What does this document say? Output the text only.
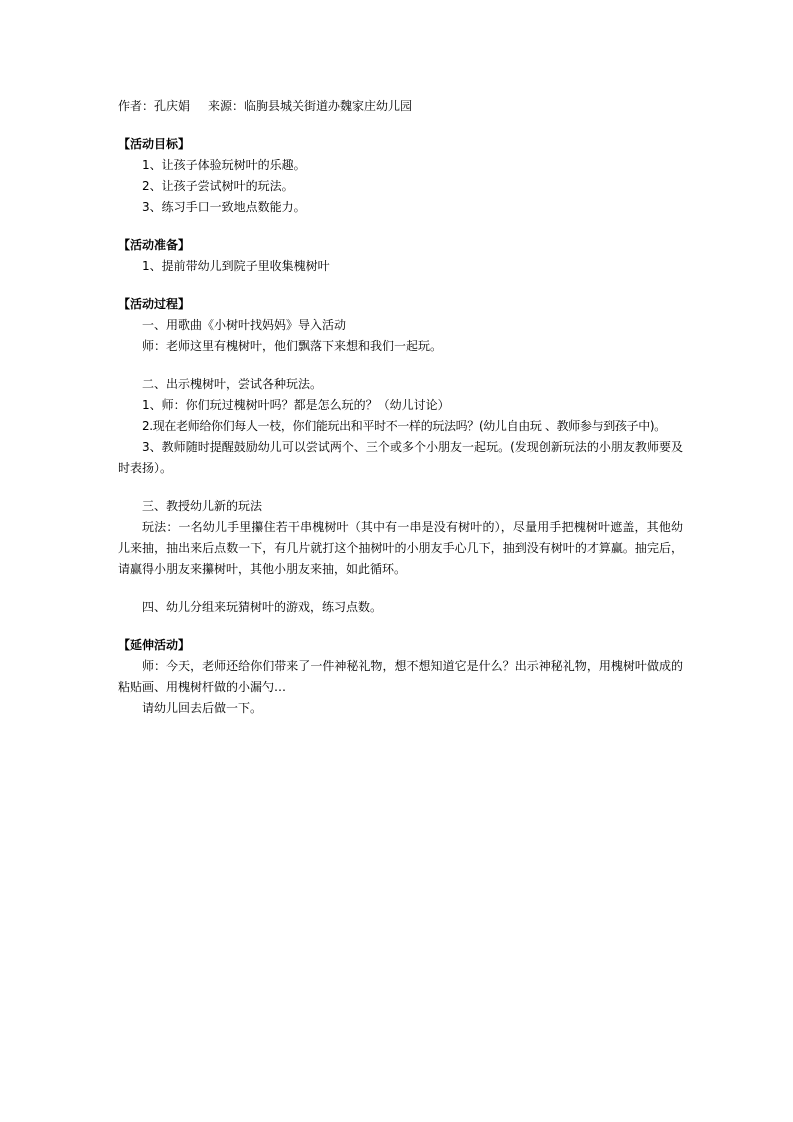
作者：孔庆娟 来源：临朐县城关街道办魏家庄幼儿园
【活动目标】
1、让孩子体验玩树叶的乐趣。
2、让孩子尝试树叶的玩法。
3、练习手口一致地点数能力。
【活动准备】
1、提前带幼儿到院子里收集槐树叶
【活动过程】
一、用歌曲《小树叶找妈妈》导入活动
师：老师这里有槐树叶，他们飘落下来想和我们一起玩。
二、出示槐树叶，尝试各种玩法。
1、师：你们玩过槐树叶吗？都是怎么玩的？（幼儿讨论）
2.现在老师给你们每人一枝，你们能玩出和平时不一样的玩法吗？(幼儿自由玩 、教师参与到孩子中)。
3、教师随时提醒鼓励幼儿可以尝试两个、三个或多个小朋友一起玩。(发现创新玩法的小朋友教师要及时表扬）。
三、教授幼儿新的玩法
玩法：一名幼儿手里攥住若干串槐树叶（其中有一串是没有树叶的），尽量用手把槐树叶遮盖，其他幼儿来抽，抽出来后点数一下，有几片就打这个抽树叶的小朋友手心几下，抽到没有树叶的才算赢。抽完后，请赢得小朋友来攥树叶，其他小朋友来抽，如此循环。
四、幼儿分组来玩猜树叶的游戏，练习点数。
【延伸活动】
师：今天，老师还给你们带来了一件神秘礼物，想不想知道它是什么？出示神秘礼物，用槐树叶做成的粘贴画、用槐树杆做的小漏勺…
请幼儿回去后做一下。
